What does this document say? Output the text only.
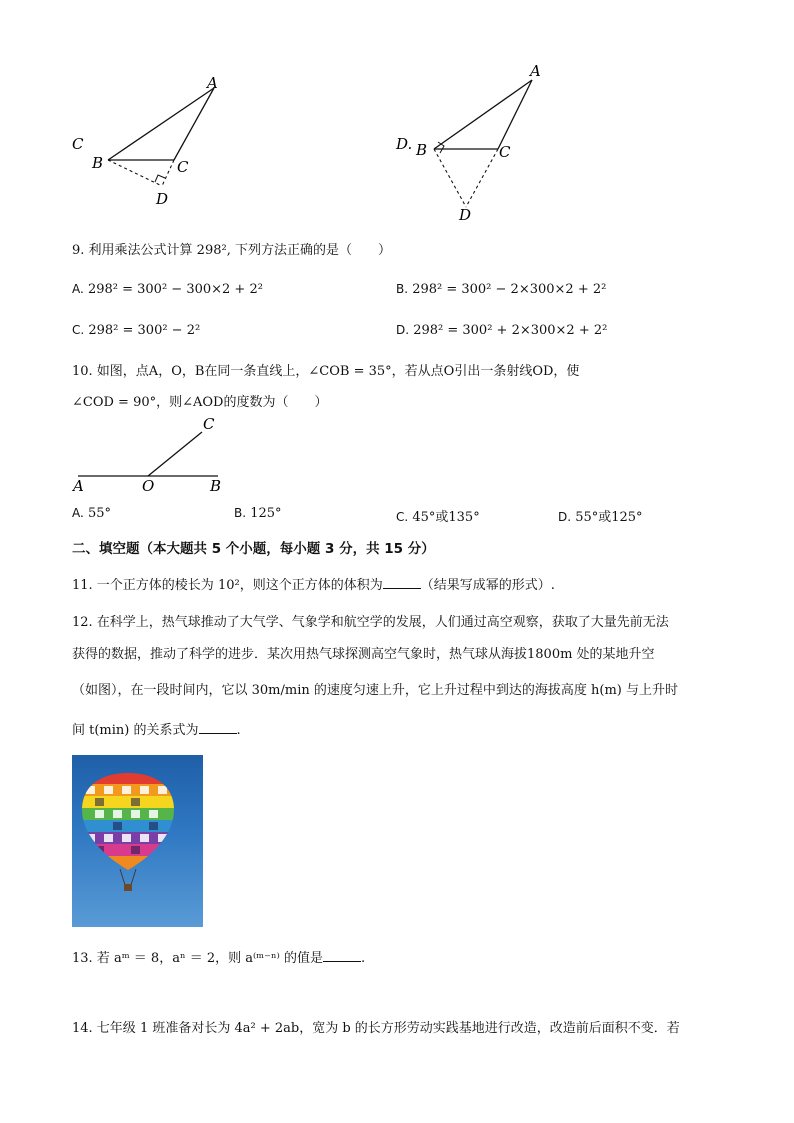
C
A
B	C
D
D.
A
B	C
D
9. 利用乘法公式计算 298², 下列方法正确的是（　　）
A. 298² = 300² − 300×2 + 2²	B. 298² = 300² − 2×300×2 + 2²
C. 298² = 300² − 2²	D. 298² = 300² + 2×300×2 + 2²
10. 如图，点A，O，B在同一条直线上，∠COB = 35°，若从点O引出一条射线OD，使
∠COD = 90°，则∠AOD的度数为（　　）
A	O	B
C
A. 55°	B. 125°	C. 45°或135°	D. 55°或125°
二、填空题（本大题共 5 个小题，每小题 3 分，共 15 分）
11. 一个正方体的棱长为 10²，则这个正方体的体积为	（结果写成幂的形式）.
12. 在科学上，热气球推动了大气学、气象学和航空学的发展，人们通过高空观察，获取了大量先前无法
获得的数据，推动了科学的进步．某次用热气球探测高空气象时，热气球从海拔1800m 处的某地升空
（如图），在一段时间内，它以 30m/min 的速度匀速上升，它上升过程中到达的海拔高度 h(m) 与上升时
间 t(min) 的关系式为	.
13. 若 aᵐ ＝ 8，aⁿ ＝ 2，则 a⁽ᵐ⁻ⁿ⁾ 的值是	.
14. 七年级 1 班准备对长为 4a² + 2ab，宽为 b 的长方形劳动实践基地进行改造，改造前后面积不变．若
